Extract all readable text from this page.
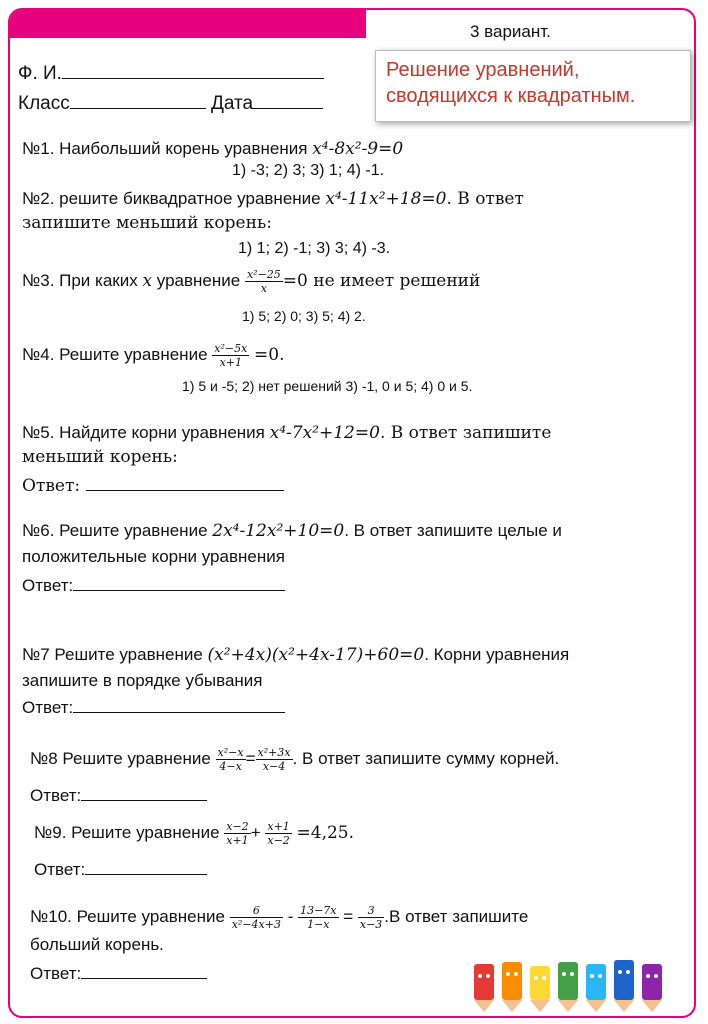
3 вариант.
Ф. И.
Класс	Дата
Решение уравнений,
сводящихся к квадратным.
№1. Наибольший корень уравнения x⁴-8x²-9=0
1) -3; 2) 3; 3) 1; 4) -1.
№2. решите биквадратное уравнение x⁴-11x²+18=0. В ответ
запишите меньший корень:
1) 1; 2) -1; 3) 3; 4) -3.
№3. При каких x уравнение $\frac{\text{x²−25}}{x} =0$ не имеет решений
1) 5; 2) 0; 3) 5; 4) 2.
№4. Решите уравнение $\frac{\text{x²−5x}}{x+1} =0$.
1) 5 и -5; 2) нет решений 3) -1, 0 и 5; 4) 0 и 5.
№5. Найдите корни уравнения x⁴-7x²+12=0. В ответ запишите
меньший корень:
Ответ:
№6. Решите уравнение 2x⁴-12x²+10=0. В ответ запишите целые и
положительные корни уравнения
Ответ:
№7 Решите уравнение (x²+4x)(x²+4x-17)+60=0. Корни уравнения
запишите в порядке убывания
Ответ:
№8 Решите уравнение $\frac{\text{x²−x}}{4-x} = \frac{\text{x²+3x}}{x-4}$ . В ответ запишите сумму корней.
Ответ:
№9. Решите уравнение $\frac{x-2}{x+1} + \frac{x+1}{x-2} =4,25$.
Ответ:
№10. Решите уравнение $\frac{6}{\text{x²−4x+3}} - \frac{13-7x}{1-x} = \frac{3}{x-3} .В$ ответ запишите
больший корень.
Ответ:
